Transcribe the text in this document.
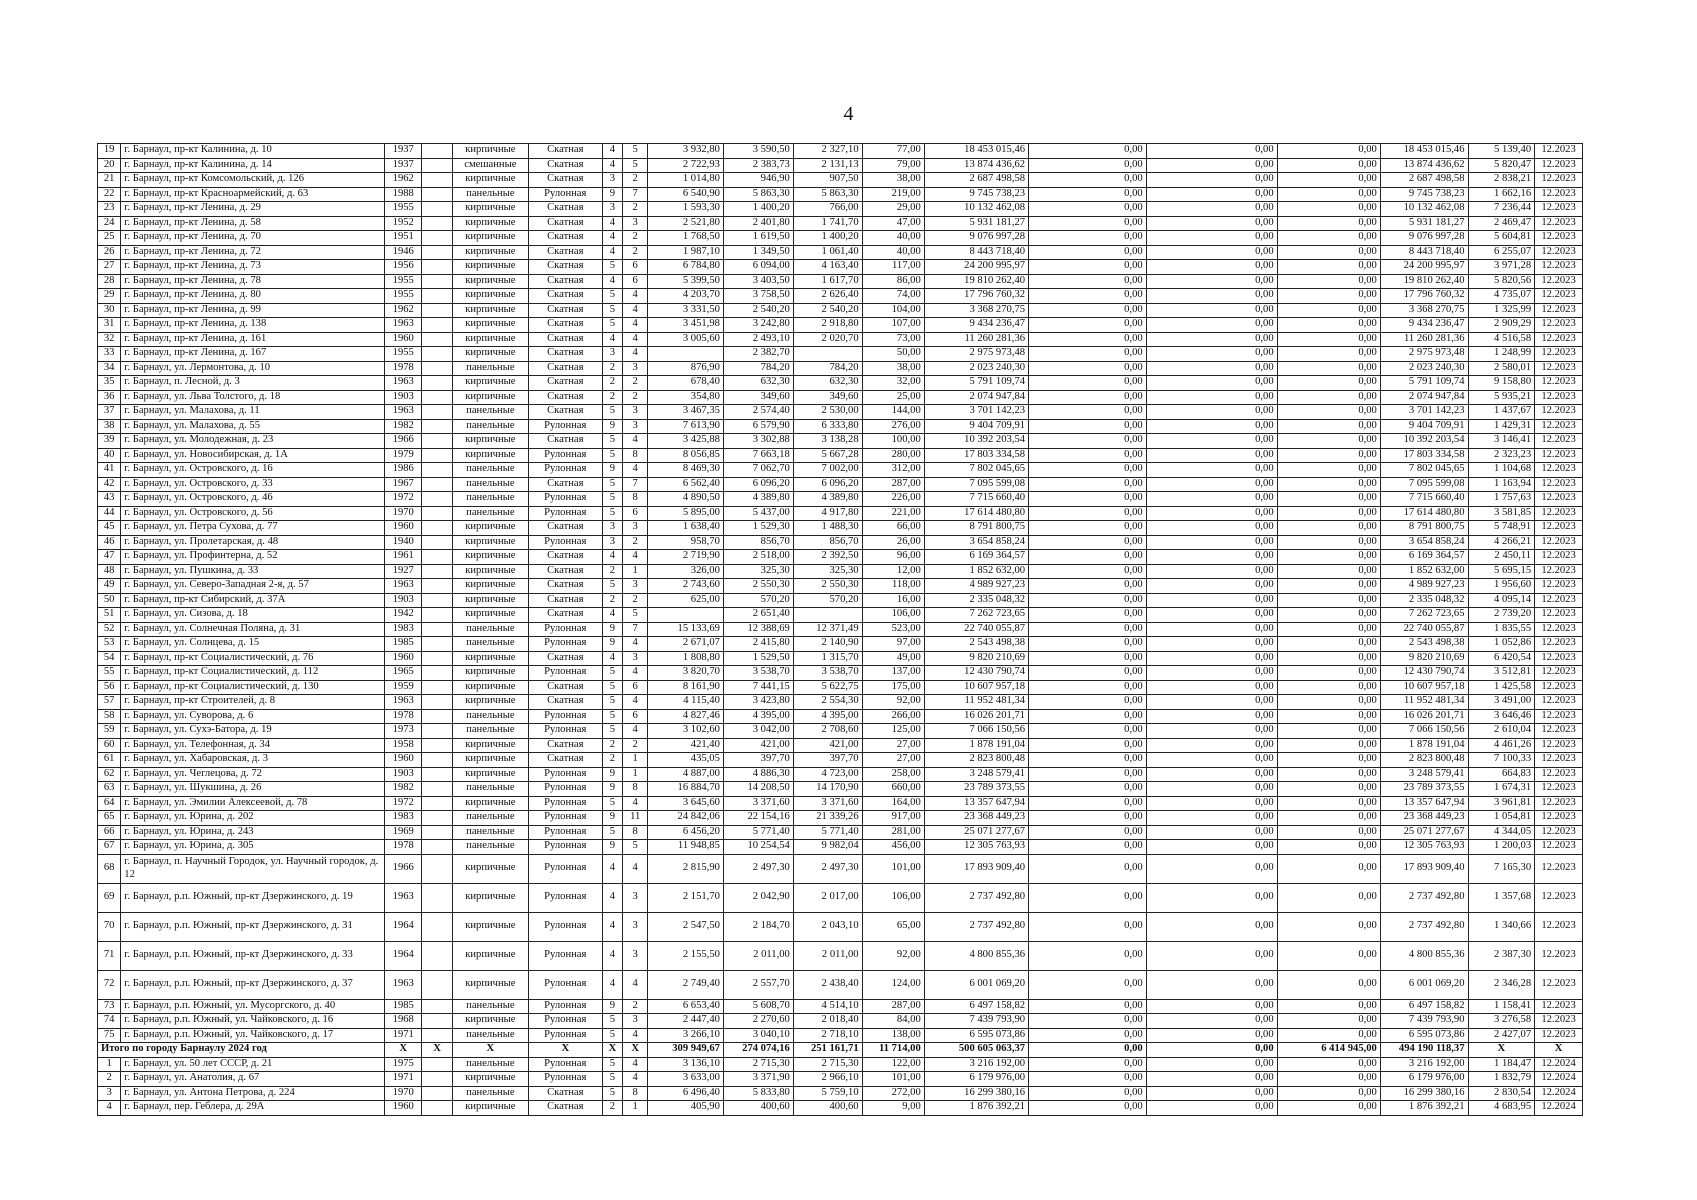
4
19	г. Барнаул, пр-кт Калинина, д. 10	1937		кирпичные	Скатная	4	5	3 932,80	3 590,50	2 327,10	77,00	18 453 015,46	0,00	0,00	0,00	18 453 015,46	5 139,40	12.2023
20	г. Барнаул, пр-кт Калинина, д. 14	1937		смешанные	Скатная	4	5	2 722,93	2 383,73	2 131,13	79,00	13 874 436,62	0,00	0,00	0,00	13 874 436,62	5 820,47	12.2023
21	г. Барнаул, пр-кт Комсомольский, д. 126	1962		кирпичные	Скатная	3	2	1 014,80	946,90	907,50	38,00	2 687 498,58	0,00	0,00	0,00	2 687 498,58	2 838,21	12.2023
22	г. Барнаул, пр-кт Красноармейский, д. 63	1988		панельные	Рулонная	9	7	6 540,90	5 863,30	5 863,30	219,00	9 745 738,23	0,00	0,00	0,00	9 745 738,23	1 662,16	12.2023
23	г. Барнаул, пр-кт Ленина, д. 29	1955		кирпичные	Скатная	3	2	1 593,30	1 400,20	766,00	29,00	10 132 462,08	0,00	0,00	0,00	10 132 462,08	7 236,44	12.2023
24	г. Барнаул, пр-кт Ленина, д. 58	1952		кирпичные	Скатная	4	3	2 521,80	2 401,80	1 741,70	47,00	5 931 181,27	0,00	0,00	0,00	5 931 181,27	2 469,47	12.2023
25	г. Барнаул, пр-кт Ленина, д. 70	1951		кирпичные	Скатная	4	2	1 768,50	1 619,50	1 400,20	40,00	9 076 997,28	0,00	0,00	0,00	9 076 997,28	5 604,81	12.2023
26	г. Барнаул, пр-кт Ленина, д. 72	1946		кирпичные	Скатная	4	2	1 987,10	1 349,50	1 061,40	40,00	8 443 718,40	0,00	0,00	0,00	8 443 718,40	6 255,07	12.2023
27	г. Барнаул, пр-кт Ленина, д. 73	1956		кирпичные	Скатная	5	6	6 784,80	6 094,00	4 163,40	117,00	24 200 995,97	0,00	0,00	0,00	24 200 995,97	3 971,28	12.2023
28	г. Барнаул, пр-кт Ленина, д. 78	1955		кирпичные	Скатная	4	6	5 399,50	3 403,50	1 617,70	86,00	19 810 262,40	0,00	0,00	0,00	19 810 262,40	5 820,56	12.2023
29	г. Барнаул, пр-кт Ленина, д. 80	1955		кирпичные	Скатная	5	4	4 203,70	3 758,50	2 626,40	74,00	17 796 760,32	0,00	0,00	0,00	17 796 760,32	4 735,07	12.2023
30	г. Барнаул, пр-кт Ленина, д. 99	1962		кирпичные	Скатная	5	4	3 331,50	2 540,20	2 540,20	104,00	3 368 270,75	0,00	0,00	0,00	3 368 270,75	1 325,99	12.2023
31	г. Барнаул, пр-кт Ленина, д. 138	1963		кирпичные	Скатная	5	4	3 451,98	3 242,80	2 918,80	107,00	9 434 236,47	0,00	0,00	0,00	9 434 236,47	2 909,29	12.2023
32	г. Барнаул, пр-кт Ленина, д. 161	1960		кирпичные	Скатная	4	4	3 005,60	2 493,10	2 020,70	73,00	11 260 281,36	0,00	0,00	0,00	11 260 281,36	4 516,58	12.2023
33	г. Барнаул, пр-кт Ленина, д. 167	1955		кирпичные	Скатная	3	4		2 382,70		50,00	2 975 973,48	0,00	0,00	0,00	2 975 973,48	1 248,99	12.2023
34	г. Барнаул, ул. Лермонтова, д. 10	1978		панельные	Скатная	2	3	876,90	784,20	784,20	38,00	2 023 240,30	0,00	0,00	0,00	2 023 240,30	2 580,01	12.2023
35	г. Барнаул, п. Лесной, д. 3	1963		кирпичные	Скатная	2	2	678,40	632,30	632,30	32,00	5 791 109,74	0,00	0,00	0,00	5 791 109,74	9 158,80	12.2023
36	г. Барнаул, ул. Льва Толстого, д. 18	1903		кирпичные	Скатная	2	2	354,80	349,60	349,60	25,00	2 074 947,84	0,00	0,00	0,00	2 074 947,84	5 935,21	12.2023
37	г. Барнаул, ул. Малахова, д. 11	1963		панельные	Скатная	5	3	3 467,35	2 574,40	2 530,00	144,00	3 701 142,23	0,00	0,00	0,00	3 701 142,23	1 437,67	12.2023
38	г. Барнаул, ул. Малахова, д. 55	1982		панельные	Рулонная	9	3	7 613,90	6 579,90	6 333,80	276,00	9 404 709,91	0,00	0,00	0,00	9 404 709,91	1 429,31	12.2023
39	г. Барнаул, ул. Молодежная, д. 23	1966		кирпичные	Скатная	5	4	3 425,88	3 302,88	3 138,28	100,00	10 392 203,54	0,00	0,00	0,00	10 392 203,54	3 146,41	12.2023
40	г. Барнаул, ул. Новосибирская, д. 1А	1979		кирпичные	Рулонная	5	8	8 056,85	7 663,18	5 667,28	280,00	17 803 334,58	0,00	0,00	0,00	17 803 334,58	2 323,23	12.2023
41	г. Барнаул, ул. Островского, д. 16	1986		панельные	Рулонная	9	4	8 469,30	7 062,70	7 002,00	312,00	7 802 045,65	0,00	0,00	0,00	7 802 045,65	1 104,68	12.2023
42	г. Барнаул, ул. Островского, д. 33	1967		панельные	Скатная	5	7	6 562,40	6 096,20	6 096,20	287,00	7 095 599,08	0,00	0,00	0,00	7 095 599,08	1 163,94	12.2023
43	г. Барнаул, ул. Островского, д. 46	1972		панельные	Рулонная	5	8	4 890,50	4 389,80	4 389,80	226,00	7 715 660,40	0,00	0,00	0,00	7 715 660,40	1 757,63	12.2023
44	г. Барнаул, ул. Островского, д. 56	1970		панельные	Рулонная	5	6	5 895,00	5 437,00	4 917,80	221,00	17 614 480,80	0,00	0,00	0,00	17 614 480,80	3 581,85	12.2023
45	г. Барнаул, ул. Петра Сухова, д. 77	1960		кирпичные	Скатная	3	3	1 638,40	1 529,30	1 488,30	66,00	8 791 800,75	0,00	0,00	0,00	8 791 800,75	5 748,91	12.2023
46	г. Барнаул, ул. Пролетарская, д. 48	1940		кирпичные	Рулонная	3	2	958,70	856,70	856,70	26,00	3 654 858,24	0,00	0,00	0,00	3 654 858,24	4 266,21	12.2023
47	г. Барнаул, ул. Профинтерна, д. 52	1961		кирпичные	Скатная	4	4	2 719,90	2 518,00	2 392,50	96,00	6 169 364,57	0,00	0,00	0,00	6 169 364,57	2 450,11	12.2023
48	г. Барнаул, ул. Пушкина, д. 33	1927		кирпичные	Скатная	2	1	326,00	325,30	325,30	12,00	1 852 632,00	0,00	0,00	0,00	1 852 632,00	5 695,15	12.2023
49	г. Барнаул, ул. Северо-Западная 2-я, д. 57	1963		кирпичные	Скатная	5	3	2 743,60	2 550,30	2 550,30	118,00	4 989 927,23	0,00	0,00	0,00	4 989 927,23	1 956,60	12.2023
50	г. Барнаул, пр-кт Сибирский, д. 37А	1903		кирпичные	Скатная	2	2	625,00	570,20	570,20	16,00	2 335 048,32	0,00	0,00	0,00	2 335 048,32	4 095,14	12.2023
51	г. Барнаул, ул. Сизова, д. 18	1942		кирпичные	Скатная	4	5		2 651,40		106,00	7 262 723,65	0,00	0,00	0,00	7 262 723,65	2 739,20	12.2023
52	г. Барнаул, ул. Солнечная Поляна, д. 31	1983		панельные	Рулонная	9	7	15 133,69	12 388,69	12 371,49	523,00	22 740 055,87	0,00	0,00	0,00	22 740 055,87	1 835,55	12.2023
53	г. Барнаул, ул. Солнцева, д. 15	1985		панельные	Рулонная	9	4	2 671,07	2 415,80	2 140,90	97,00	2 543 498,38	0,00	0,00	0,00	2 543 498,38	1 052,86	12.2023
54	г. Барнаул, пр-кт Социалистический, д. 76	1960		кирпичные	Скатная	4	3	1 808,80	1 529,50	1 315,70	49,00	9 820 210,69	0,00	0,00	0,00	9 820 210,69	6 420,54	12.2023
55	г. Барнаул, пр-кт Социалистический, д. 112	1965		кирпичные	Рулонная	5	4	3 820,70	3 538,70	3 538,70	137,00	12 430 790,74	0,00	0,00	0,00	12 430 790,74	3 512,81	12.2023
56	г. Барнаул, пр-кт Социалистический, д. 130	1959		кирпичные	Скатная	5	6	8 161,90	7 441,15	5 622,75	175,00	10 607 957,18	0,00	0,00	0,00	10 607 957,18	1 425,58	12.2023
57	г. Барнаул, пр-кт Строителей, д. 8	1963		кирпичные	Скатная	5	4	4 115,40	3 423,80	2 554,30	92,00	11 952 481,34	0,00	0,00	0,00	11 952 481,34	3 491,00	12.2023
58	г. Барнаул, ул. Суворова, д. 6	1978		панельные	Рулонная	5	6	4 827,46	4 395,00	4 395,00	266,00	16 026 201,71	0,00	0,00	0,00	16 026 201,71	3 646,46	12.2023
59	г. Барнаул, ул. Сухэ-Батора, д. 19	1973		панельные	Рулонная	5	4	3 102,60	3 042,00	2 708,60	125,00	7 066 150,56	0,00	0,00	0,00	7 066 150,56	2 610,04	12.2023
60	г. Барнаул, ул. Телефонная, д. 34	1958		кирпичные	Скатная	2	2	421,40	421,00	421,00	27,00	1 878 191,04	0,00	0,00	0,00	1 878 191,04	4 461,26	12.2023
61	г. Барнаул, ул. Хабаровская, д. 3	1960		кирпичные	Скатная	2	1	435,05	397,70	397,70	27,00	2 823 800,48	0,00	0,00	0,00	2 823 800,48	7 100,33	12.2023
62	г. Барнаул, ул. Чеглецова, д. 72	1903		кирпичные	Рулонная	9	1	4 887,00	4 886,30	4 723,00	258,00	3 248 579,41	0,00	0,00	0,00	3 248 579,41	664,83	12.2023
63	г. Барнаул, ул. Шукшина, д. 26	1982		панельные	Рулонная	9	8	16 884,70	14 208,50	14 170,90	660,00	23 789 373,55	0,00	0,00	0,00	23 789 373,55	1 674,31	12.2023
64	г. Барнаул, ул. Эмилии Алексеевой, д. 78	1972		кирпичные	Рулонная	5	4	3 645,60	3 371,60	3 371,60	164,00	13 357 647,94	0,00	0,00	0,00	13 357 647,94	3 961,81	12.2023
65	г. Барнаул, ул. Юрина, д. 202	1983		панельные	Рулонная	9	11	24 842,06	22 154,16	21 339,26	917,00	23 368 449,23	0,00	0,00	0,00	23 368 449,23	1 054,81	12.2023
66	г. Барнаул, ул. Юрина, д. 243	1969		панельные	Рулонная	5	8	6 456,20	5 771,40	5 771,40	281,00	25 071 277,67	0,00	0,00	0,00	25 071 277,67	4 344,05	12.2023
67	г. Барнаул, ул. Юрина, д. 305	1978		панельные	Рулонная	9	5	11 948,85	10 254,54	9 982,04	456,00	12 305 763,93	0,00	0,00	0,00	12 305 763,93	1 200,03	12.2023
68	г. Барнаул, п. Научный Городок, ул. Научный городок, д. 12	1966		кирпичные	Рулонная	4	4	2 815,90	2 497,30	2 497,30	101,00	17 893 909,40	0,00	0,00	0,00	17 893 909,40	7 165,30	12.2023
69	г. Барнаул, р.п. Южный, пр-кт Дзержинского, д. 19	1963		кирпичные	Рулонная	4	3	2 151,70	2 042,90	2 017,00	106,00	2 737 492,80	0,00	0,00	0,00	2 737 492,80	1 357,68	12.2023
70	г. Барнаул, р.п. Южный, пр-кт Дзержинского, д. 31	1964		кирпичные	Рулонная	4	3	2 547,50	2 184,70	2 043,10	65,00	2 737 492,80	0,00	0,00	0,00	2 737 492,80	1 340,66	12.2023
71	г. Барнаул, р.п. Южный, пр-кт Дзержинского, д. 33	1964		кирпичные	Рулонная	4	3	2 155,50	2 011,00	2 011,00	92,00	4 800 855,36	0,00	0,00	0,00	4 800 855,36	2 387,30	12.2023
72	г. Барнаул, р.п. Южный, пр-кт Дзержинского, д. 37	1963		кирпичные	Рулонная	4	4	2 749,40	2 557,70	2 438,40	124,00	6 001 069,20	0,00	0,00	0,00	6 001 069,20	2 346,28	12.2023
73	г. Барнаул, р.п. Южный, ул. Мусоргского, д. 40	1985		панельные	Рулонная	9	2	6 653,40	5 608,70	4 514,10	287,00	6 497 158,82	0,00	0,00	0,00	6 497 158,82	1 158,41	12.2023
74	г. Барнаул, р.п. Южный, ул. Чайковского, д. 16	1968		кирпичные	Рулонная	5	3	2 447,40	2 270,60	2 018,40	84,00	7 439 793,90	0,00	0,00	0,00	7 439 793,90	3 276,58	12.2023
75	г. Барнаул, р.п. Южный, ул. Чайковского, д. 17	1971		панельные	Рулонная	5	4	3 266,10	3 040,10	2 718,10	138,00	6 595 073,86	0,00	0,00	0,00	6 595 073,86	2 427,07	12.2023
Итого по городу Барнаулу 2024 год		X	X	X	X	X	X	309 949,67	274 074,16	251 161,71	11 714,00	500 605 063,37	0,00	0,00	6 414 945,00	494 190 118,37	X	X
1	г. Барнаул, ул. 50 лет СССР, д. 21	1975		панельные	Рулонная	5	4	3 136,10	2 715,30	2 715,30	122,00	3 216 192,00	0,00	0,00	0,00	3 216 192,00	1 184,47	12.2024
2	г. Барнаул, ул. Анатолия, д. 67	1971		кирпичные	Рулонная	5	4	3 633,00	3 371,90	2 966,10	101,00	6 179 976,00	0,00	0,00	0,00	6 179 976,00	1 832,79	12.2024
3	г. Барнаул, ул. Антона Петрова, д. 224	1970		панельные	Скатная	5	8	6 496,40	5 833,80	5 759,10	272,00	16 299 380,16	0,00	0,00	0,00	16 299 380,16	2 830,54	12.2024
4	г. Барнаул, пер. Геблера, д. 29А	1960		кирпичные	Скатная	2	1	405,90	400,60	400,60	9,00	1 876 392,21	0,00	0,00	0,00	1 876 392,21	4 683,95	12.2024
